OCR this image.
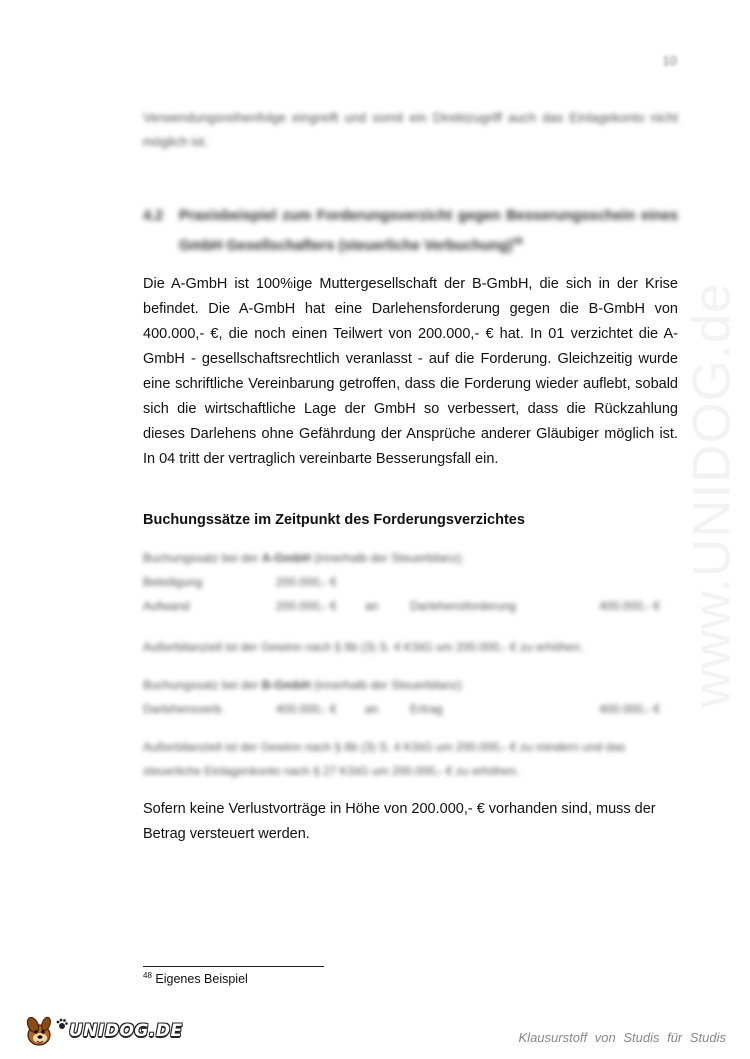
www.UNIDOG.de
10
Verwendungsreihenfolge eingreift und somit ein Direktzugriff auch das Einlagekonto nicht möglich ist.
4.2 Praxisbeispiel zum Forderungsverzicht gegen Besserungsschein eines GmbH Gesellschafters (steuerliche Verbuchung)$^{48}$
Die A-GmbH ist 100%ige Muttergesellschaft der B-GmbH, die sich in der Krise befindet. Die A-GmbH hat eine Darlehensforderung gegen die B-GmbH von 400.000,- €, die noch einen Teilwert von 200.000,- € hat. In 01 verzichtet die A-GmbH - gesellschaftsrechtlich veranlasst - auf die Forderung. Gleichzeitig wurde eine schriftliche Vereinbarung getroffen, dass die Forderung wieder auflebt, sobald sich die wirtschaftliche Lage der GmbH so verbessert, dass die Rückzahlung dieses Darlehens ohne Gefährdung der Ansprüche anderer Gläubiger möglich ist. In 04 tritt der vertraglich vereinbarte Besserungsfall ein.
Buchungssätze im Zeitpunkt des Forderungsverzichtes
Buchungssatz bei der A-GmbH (innerhalb der Steuerbilanz)
Beteiligung	200.000,- €
Aufwand	200.000,- € an	Darlehensforderung	400.000,- €
Außerbilanziell ist der Gewinn nach § 8b (3) S. 4 KStG um 200.000,- € zu erhöhen.
Buchungssatz bei der B-GmbH (innerhalb der Steuerbilanz)
Darlehensverb.	400.000,- € an	Ertrag	400.000,- €
Außerbilanziell ist der Gewinn nach § 8b (3) S. 4 KStG um 200.000,- € zu mindern und das steuerliche Einlagenkonto nach § 27 KStG um 200.000,- € zu erhöhen.
Sofern keine Verlustvorträge in Höhe von 200.000,- € vorhanden sind, muss der Betrag versteuert werden.
$^{48}$ Eigenes Beispiel
UNIDOG.DE	Klausurstoff von Studis für Studis
